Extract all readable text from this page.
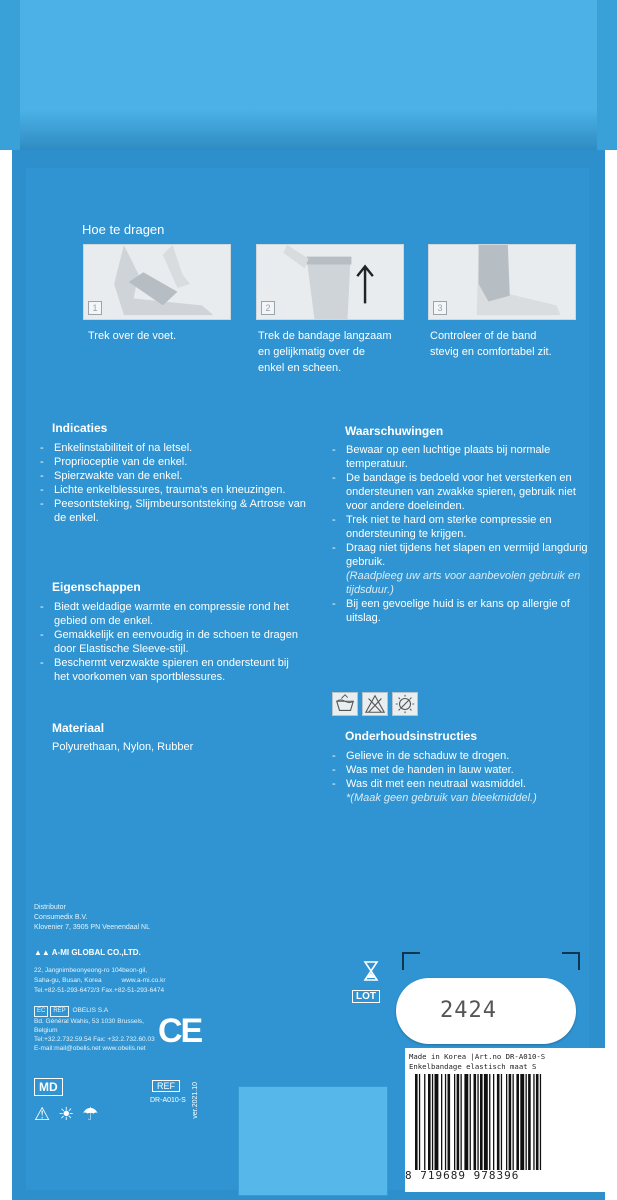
Hoe te dragen
1	2	3
Trek over de voet.	Trek de bandage langzaam
en gelijkmatig over de
enkel en scheen.
Controleer of de band
stevig en comfortabel zit.
Indicaties
- Enkelinstabiliteit of na letsel.
- Proprioceptie van de enkel.
- Spierzwakte van de enkel.
- Lichte enkelblessures, trauma's en kneuzingen.
- Peesontsteking, Slijmbeursontsteking & Artrose van de enkel.
Eigenschappen
- Biedt weldadige warmte en compressie rond het gebied om de enkel.
- Gemakkelijk en eenvoudig in de schoen te dragen door Elastische Sleeve-stijl.
- Beschermt verzwakte spieren en ondersteunt bij het voorkomen van sportblessures.
Materiaal
Polyurethaan, Nylon, Rubber
Waarschuwingen
- Bewaar op een luchtige plaats bij normale temperatuur.
- De bandage is bedoeld voor het versterken en ondersteunen van zwakke spieren, gebruik niet voor andere doeleinden.
- Trek niet te hard om sterke compressie en ondersteuning te krijgen.
- Draag niet tijdens het slapen en vermijd langdurig gebruik.
(Raadpleeg uw arts voor aanbevolen gebruik en tijdsduur.)
- Bij een gevoelige huid is er kans op allergie of uitslag.
Onderhoudsinstructies
- Gelieve in de schaduw te drogen.
- Was met de handen in lauw water.
- Was dit met een neutraal wasmiddel.
*(Maak geen gebruik van bleekmiddel.)
Distributor
Consumedix B.V.
Klovenier 7, 3905 PN Veenendaal NL
▲▲ A-MI GLOBAL CO.,LTD.
22, Jangnimbeonyeong-ro 104beon-gil,
Saha-gu, Busan, Korea	www.a-mi.co.kr
Tel.+82-51-293-6472/3 Fax.+82-51-293-6474
EC REP OBELIS S.A
Bd. Général Wahis, 53 1030 Brussels,
Belgium
Tel:+32.2.732.59.54 Fax: +32.2.732.60.03
E-mail:mail@obelis.net www.obelis.net CE
MD	REF
DR-A010-S ver.2021.10
⚠ ☀ ☂
LOT
2424
Made in Korea |Art.no DR-A010-S
Enkelbandage elastisch maat S
8 719689 978396
